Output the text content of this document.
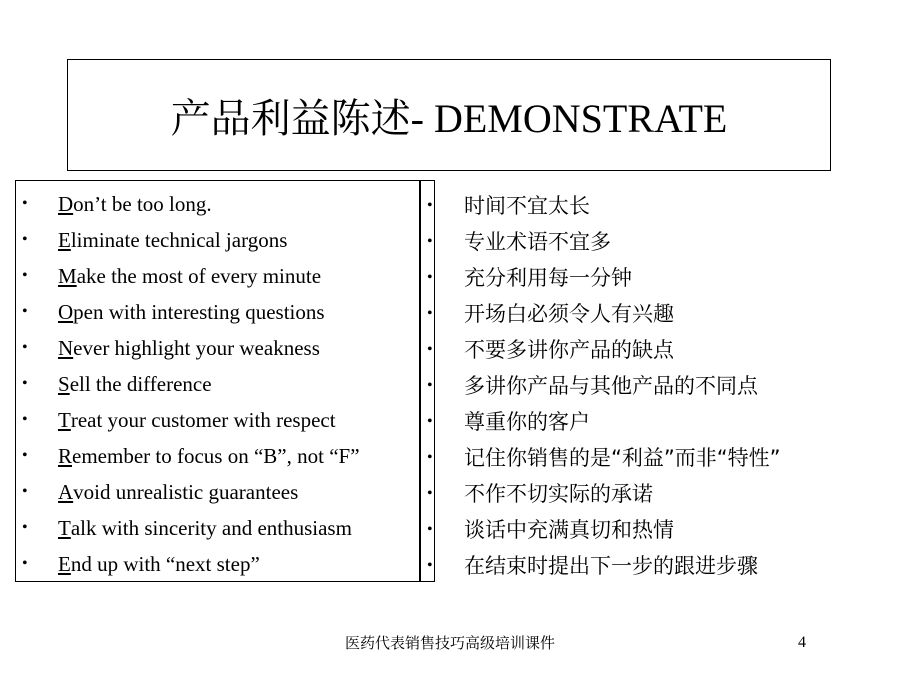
产品利益陈述- DEMONSTRATE
•	D on’t be too long.
•	E liminate technical jargons
•	M ake the most of every minute
•	O pen with interesting questions
•	N ever highlight your weakness
•	S ell the difference
•	T reat your customer with respect
•	R emember to focus on “B”, not “F”
•	A void unrealistic guarantees
•	T alk with sincerity and enthusiasm
•	E nd up with “next step”
•	时间不宜太长
•	专业术语不宜多
•	充分利用每一分钟
•	开场白必须令人有兴趣
•	不要多讲你产品的缺点
•	多讲你产品与其他产品的不同点
•	尊重你的客户
•	记住你销售的是“利益”而非“特性”
•	不作不切实际的承诺
•	谈话中充满真切和热情
•	在结束时提出下一步的跟进步骤
医药代表销售技巧高级培训课件	4
